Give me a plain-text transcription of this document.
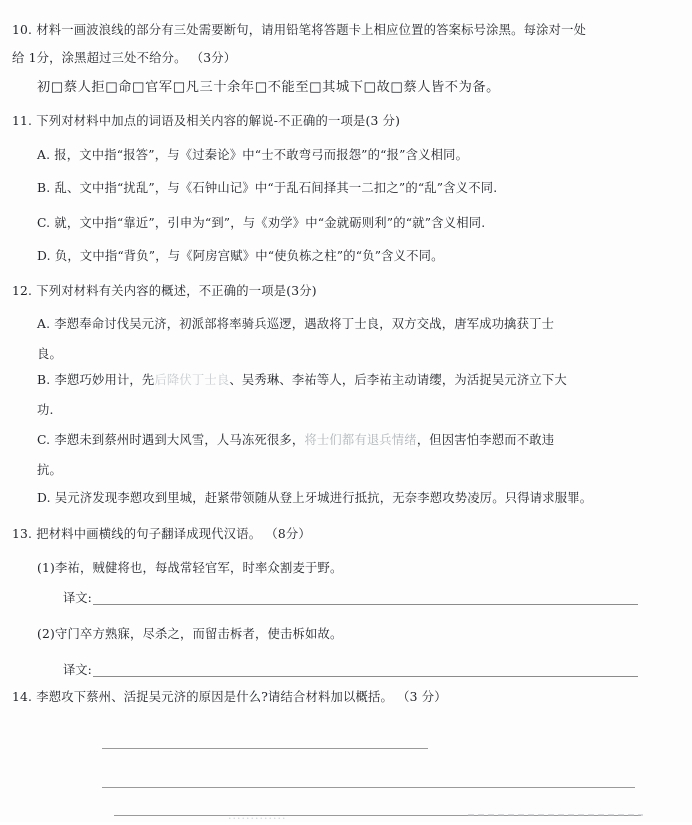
10. 材料一画波浪线的部分有三处需要断句，请用铅笔将答题卡上相应位置的答案标号涂黑。每涂对一处
给 1分，涂黑超过三处不给分。 （3分）
初□蔡人拒□命□官军□凡三十余年□不能至□其城下□故□蔡人皆不为备。
11. 下列对材料中加点的词语及相关内容的解说-不正确的一项是(3 分)
A. 报，文中指“报答”，与《过秦论》中“士不敢弯弓而报怨”的“报”含义相同。
B. 乱、文中指“扰乱”，与《石钟山记》中“于乱石间择其一二扣之”的“乱”含义不同.
C. 就，文中指“靠近”，引申为“到”，与《劝学》中“金就砺则利”的“就”含义相同.
D. 负，文中指“背负”，与《阿房宫赋》中“使负栋之柱”的“负”含义不同。
12. 下列对材料有关内容的概述，不正确的一项是(3分)
A. 李愬奉命讨伐吴元济，初派部将率骑兵巡逻，遇敌将丁士良，双方交战，唐军成功擒获丁士
良。
B. 李愬巧妙用计，先后降伏丁士良、吴秀琳、李祐等人，后李祐主动请缨，为活捉吴元济立下大
功.
C. 李愬未到蔡州时遇到大风雪，人马冻死很多，将士们都有退兵情绪，但因害怕李愬而不敢违
抗。
D. 吴元济发现李愬攻到里城，赶紧带领随从登上牙城进行抵抗，无奈李愬攻势凌厉。只得请求服罪。
13. 把材料中画横线的句子翻译成现代汉语。 （8分）
(1)李祐，贼健将也，每战常轻官军，时率众割麦于野。
译文:
(2)守门卒方熟寐，尽杀之，而留击柝者，使击柝如故。
译文:
14. 李愬攻下蔡州、活捉吴元济的原因是什么?请结合材料加以概括。 （3 分）
·············
